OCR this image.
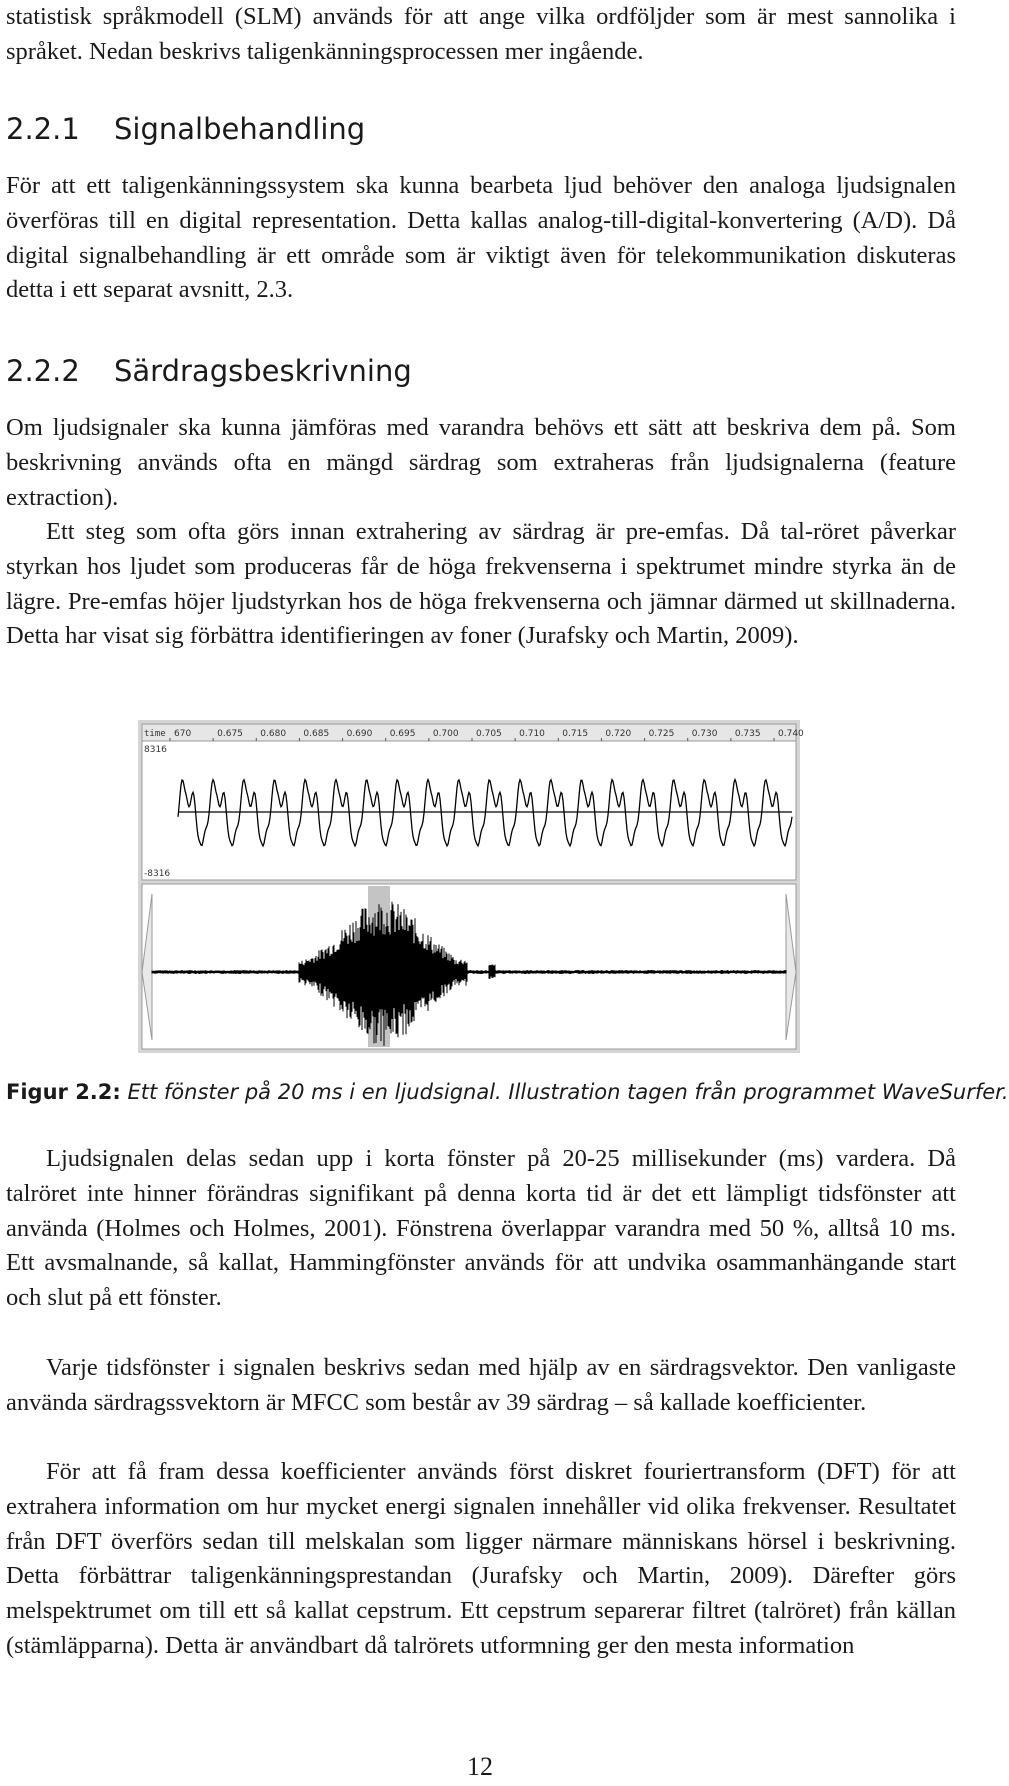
statistisk språkmodell (SLM) används för att ange vilka ordföljder som är mest sannolika i språket. Nedan beskrivs taligenkänningsprocessen mer ingående.

2.2.1 Signalbehandling

För att ett taligenkänningssystem ska kunna bearbeta ljud behöver den analoga ljudsignalen överföras till en digital representation. Detta kallas analog-till-digital-konvertering (A/D). Då digital signalbehandling är ett område som är viktigt även för telekommunikation diskuteras detta i ett separat avsnitt, 2.3.

2.2.2 Särdragsbeskrivning

Om ljudsignaler ska kunna jämföras med varandra behövs ett sätt att beskriva dem på. Som beskrivning används ofta en mängd särdrag som extraheras från ljudsignalerna (feature extraction).

Ett steg som ofta görs innan extrahering av särdrag är pre-emfas. Då tal-röret påverkar styrkan hos ljudet som produceras får de höga frekvenserna i spektrumet mindre styrka än de lägre. Pre-emfas höjer ljudstyrkan hos de höga frekvenserna och jämnar därmed ut skillnaderna. Detta har visat sig förbättra identifieringen av foner (Jurafsky och Martin, 2009).

time 670	0.675 0.680 0.685 0.690 0.695 0.700 0.705 0.710 0.715 0.720 0.725 0.730 0.735 0.740
8316
-8316

Figur 2.2: Ett fönster på 20 ms i en ljudsignal. Illustration tagen från programmet WaveSurfer.

Ljudsignalen delas sedan upp i korta fönster på 20-25 millisekunder (ms) vardera. Då talröret inte hinner förändras signifikant på denna korta tid är det ett lämpligt tidsfönster att använda (Holmes och Holmes, 2001). Fönstrena överlappar varandra med 50 %, alltså 10 ms. Ett avsmalnande, så kallat, Hammingfönster används för att undvika osammanhängande start och slut på ett fönster.

Varje tidsfönster i signalen beskrivs sedan med hjälp av en särdragsvektor. Den vanligaste använda särdragssvektorn är MFCC som består av 39 särdrag – så kallade koefficienter.

För att få fram dessa koefficienter används först diskret fouriertransform (DFT) för att extrahera information om hur mycket energi signalen innehåller vid olika frekvenser. Resultatet från DFT överförs sedan till melskalan som ligger närmare människans hörsel i beskrivning. Detta förbättrar taligenkänningsprestandan (Jurafsky och Martin, 2009). Därefter görs melspektrumet om till ett så kallat cepstrum. Ett cepstrum separerar filtret (talröret) från källan (stämläpparna). Detta är användbart då talrörets utformning ger den mesta information

12
